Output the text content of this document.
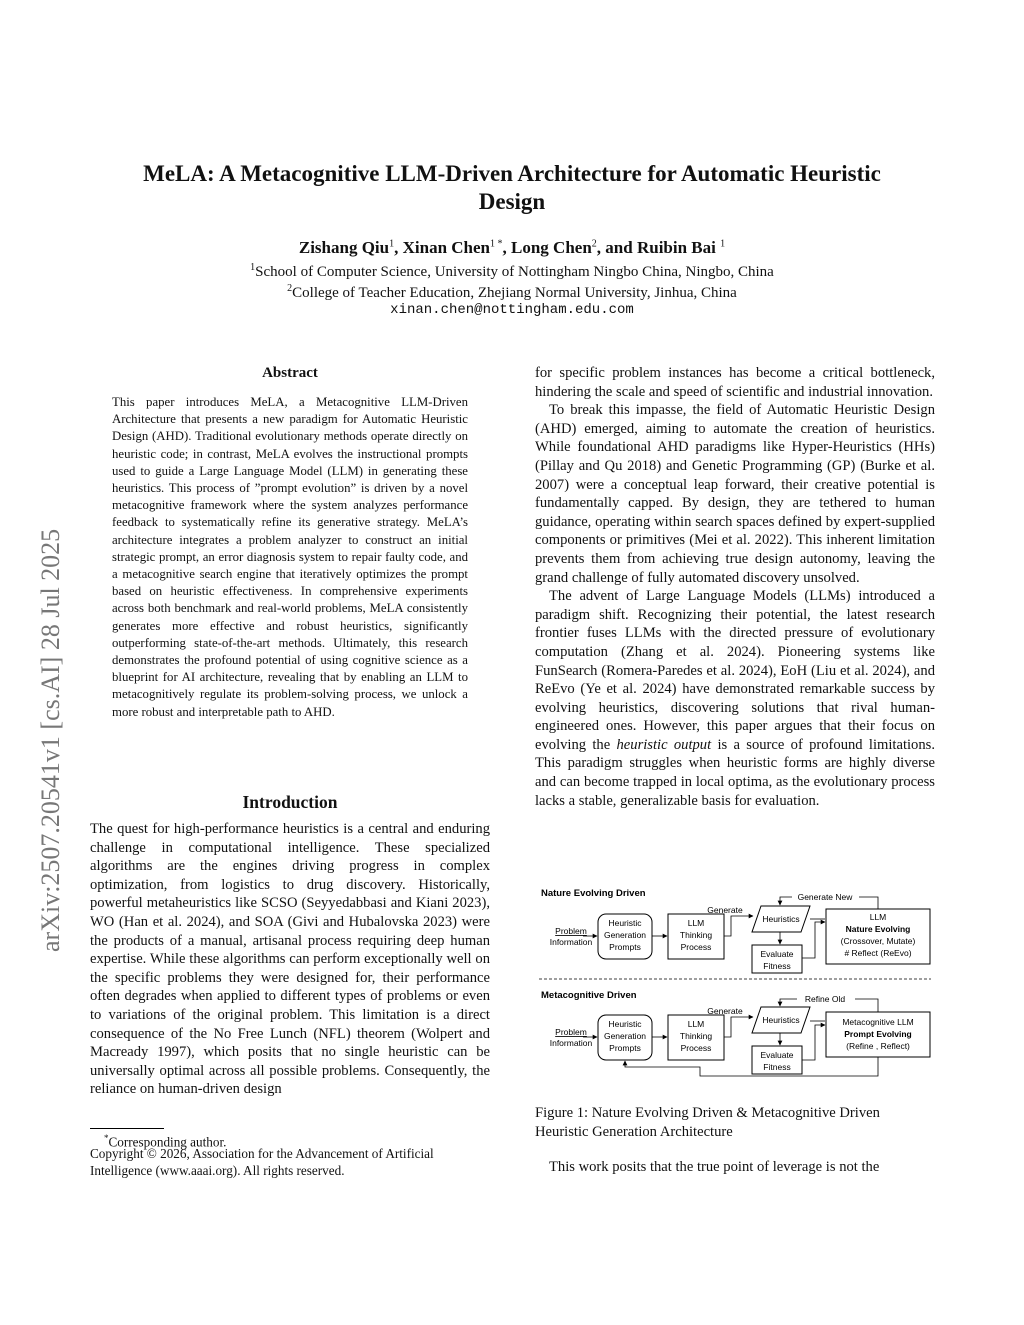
arXiv:2507.20541v1 [cs.AI] 28 Jul 2025
MeLA: A Metacognitive LLM-Driven Architecture for Automatic Heuristic
Design
Zishang Qiu$^1$, Xinan Chen$^{1 *}$, Long Chen$^2$, and Ruibin Bai $^1$
$^1$School of Computer Science, University of Nottingham Ningbo China, Ningbo, China
$^2$College of Teacher Education, Zhejiang Normal University, Jinhua, China
xinan.chen@nottingham.edu.com
Abstract

This paper introduces MeLA, a Metacognitive LLM-Driven Architecture that presents a new paradigm for Automatic Heuristic Design (AHD). Traditional evolutionary methods operate directly on heuristic code; in contrast, MeLA evolves the instructional prompts used to guide a Large Language Model (LLM) in generating these heuristics. This process of ”prompt evolution” is driven by a novel metacognitive framework where the system analyzes performance feedback to systematically refine its generative strategy. MeLA’s architecture integrates a problem analyzer to construct an initial strategic prompt, an error diagnosis system to repair faulty code, and a metacognitive search engine that iteratively optimizes the prompt based on heuristic effectiveness. In comprehensive experiments across both benchmark and real-world problems, MeLA consistently generates more effective and robust heuristics, significantly outperforming state-of-the-art methods. Ultimately, this research demonstrates the profound potential of using cognitive science as a blueprint for AI architecture, revealing that by enabling an LLM to metacognitively regulate its problem-solving process, we unlock a more robust and interpretable path to AHD.

Introduction

The quest for high-performance heuristics is a central and enduring challenge in computational intelligence. These specialized algorithms are the engines driving progress in complex optimization, from logistics to drug discovery. Historically, powerful metaheuristics like SCSO (Seyyedabbasi and Kiani 2023), WO (Han et al. 2024), and SOA (Givi and Hubalovska 2023) were the products of a manual, artisanal process requiring deep human expertise. While these algorithms can perform exceptionally well on the specific problems they were designed for, their performance often degrades when applied to different types of problems or even to variations of the original problem. This limitation is a direct consequence of the No Free Lunch (NFL) theorem (Wolpert and Macready 1997), which posits that no single heuristic can be universally optimal across all possible problems. Consequently, the reliance on human-driven design

*Corresponding author.
Copyright © 2026, Association for the Advancement of Artificial Intelligence (www.aaai.org). All rights reserved.

for specific problem instances has become a critical bottleneck, hindering the scale and speed of scientific and industrial innovation.

To break this impasse, the field of Automatic Heuristic Design (AHD) emerged, aiming to automate the creation of heuristics. While foundational AHD paradigms like Hyper-Heuristics (HHs) (Pillay and Qu 2018) and Genetic Programming (GP) (Burke et al. 2007) were a conceptual leap forward, their creative potential is fundamentally capped. By design, they are tethered to human guidance, operating within search spaces defined by expert-supplied components or primitives (Mei et al. 2022). This inherent limitation prevents them from achieving true design autonomy, leaving the grand challenge of fully automated discovery unsolved.

The advent of Large Language Models (LLMs) introduced a paradigm shift. Recognizing their potential, the latest research frontier fuses LLMs with the directed pressure of evolutionary computation (Zhang et al. 2024). Pioneering systems like FunSearch (Romera-Paredes et al. 2024), EoH (Liu et al. 2024), and ReEvo (Ye et al. 2024) have demonstrated remarkable success by evolving heuristics, discovering solutions that rival human-engineered ones. However, this paper argues that their focus on evolving the heuristic output is a source of profound limitations. This paradigm struggles when heuristic forms are highly diverse and can become trapped in local optima, as the evolutionary process lacks a stable, generalizable basis for evaluation.

Nature Evolving Driven
Problem
Information
Heuristic
Generation
Prompts
LLM
Thinking
Process
Generate
Heuristics
Evaluate
Fitness
LLM
Nature Evolving
(Crossover, Mutate)
# Reflect (ReEvo)
Generate New
Metacognitive Driven
Problem
Information
Heuristic
Generation
Prompts
LLM
Thinking
Process
Generate
Heuristics
Evaluate
Fitness
Metacognitive LLM
Prompt Evolving
(Refine , Reflect)
Refine Old
Figure 1: Nature Evolving Driven & Metacognitive Driven Heuristic Generation Architecture
This work posits that the true point of leverage is not the
